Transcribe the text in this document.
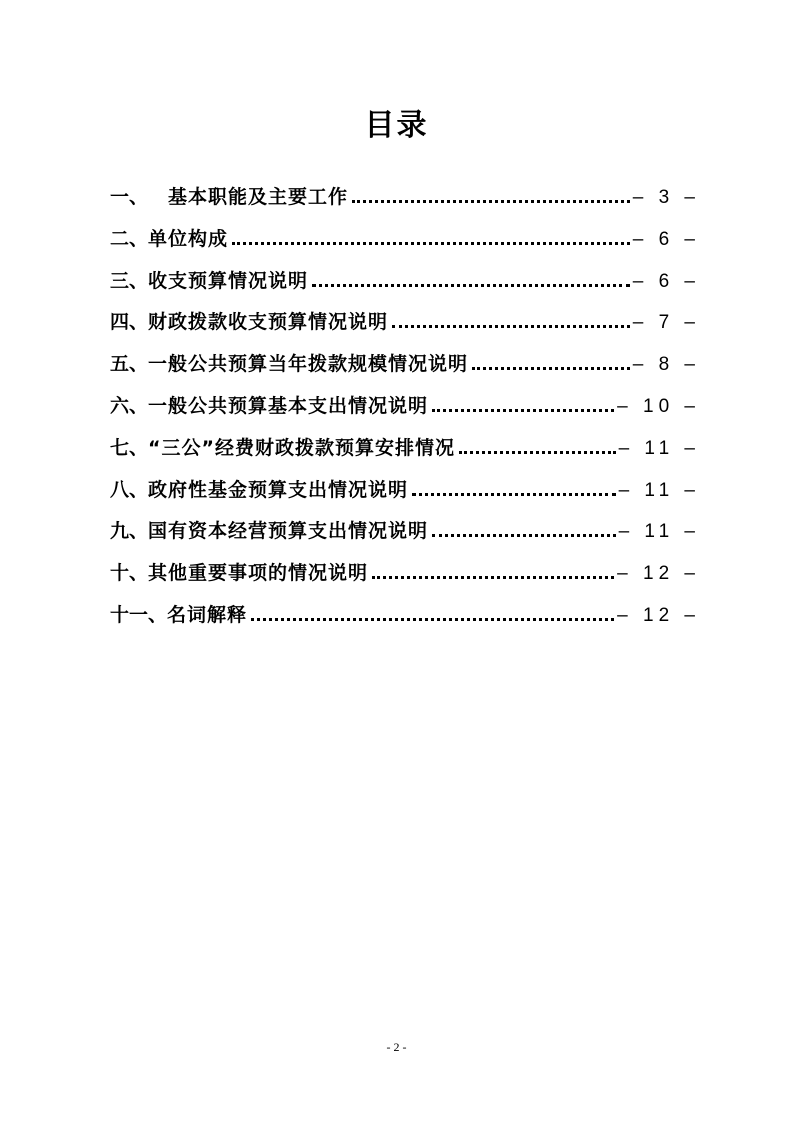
目录
一、 基本职能及主要工作	– 3 –
二、 单位构成	– 6 –
三、 收支预算情况说明	– 6 –
四、 财政拨款收支预算情况说明	– 7 –
五、 一般公共预算当年拨款规模情况说明	– 8 –
六、 一般公共预算基本支出情况说明	– 10 –
七、 “三公”经费财政拨款预算安排情况	– 11 –
八、 政府性基金预算支出情况说明	– 11 –
九、 国有资本经营预算支出情况说明	– 11 –
十、 其他重要事项的情况说明	– 12 –
十一、 名词解释	– 12 –
- 2 -
